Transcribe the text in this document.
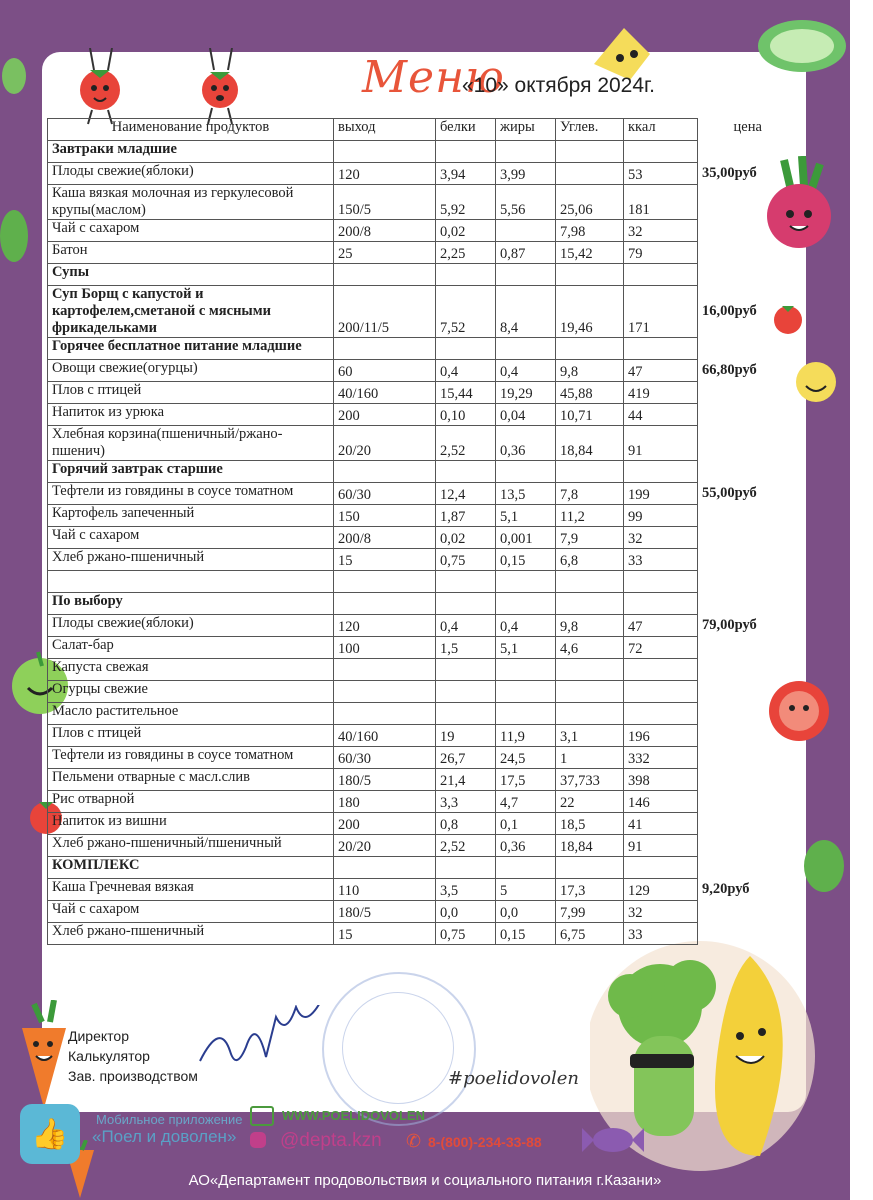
Меню
«10» октября 2024г.
Наименование продуктов	выход	белки	жиры	Углев.	ккал	цена
Завтраки младшие						
Плоды свежие(яблоки)	120	3,94	3,99		53	35,00руб
Каша вязкая молочная из геркулесовой крупы(маслом)	150/5	5,92	5,56	25,06	181	
Чай с сахаром	200/8	0,02		7,98	32	
Батон	25	2,25	0,87	15,42	79	
Супы						
Суп Борщ с капустой и картофелем,сметаной с мясными фрикадельками	200/11/5	7,52	8,4	19,46	171	16,00руб
Горячее бесплатное питание младшие						
Овощи свежие(огурцы)	60	0,4	0,4	9,8	47	66,80руб
Плов с птицей	40/160	15,44	19,29	45,88	419	
Напиток из урюка	200	0,10	0,04	10,71	44	
Хлебная корзина(пшеничный/ржано-пшенич)	20/20	2,52	0,36	18,84	91	
Горячий завтрак старшие						
Тефтели из говядины в соусе томатном	60/30	12,4	13,5	7,8	199	55,00руб
Картофель запеченный	150	1,87	5,1	11,2	99	
Чай с сахаром	200/8	0,02	0,001	7,9	32	
Хлеб ржано-пшеничный	15	0,75	0,15	6,8	33	

По выбору						
Плоды свежие(яблоки)	120	0,4	0,4	9,8	47	79,00руб
Салат-бар	100	1,5	5,1	4,6	72	
Капуста свежая						
Огурцы свежие						
Масло растительное						
Плов с птицей	40/160	19	11,9	3,1	196	
Тефтели из говядины в соусе томатном	60/30	26,7	24,5	1	332	
Пельмени отварные с масл.слив	180/5	21,4	17,5	37,733	398	
Рис отварной	180	3,3	4,7	22	146	
Напиток из вишни	200	0,8	0,1	18,5	41	
Хлеб ржано-пшеничный/пшеничный	20/20	2,52	0,36	18,84	91	
КОМПЛЕКС						
Каша Гречневая вязкая	110	3,5	5	17,3	129	9,20руб
Чай с сахаром	180/5	0,0	0,0	7,99	32	
Хлеб ржано-пшеничный	15	0,75	0,15	6,75	33	
Директор
Калькулятор
Зав. производством	#poelidovolen
👍	Мобильное приложение
«Поел и доволен»
WWW.POELIDOVOLEN
@depta.kzn ✆ 8-(800)-234-33-88
АО«Департамент продовольствия и социального питания г.Казани»
